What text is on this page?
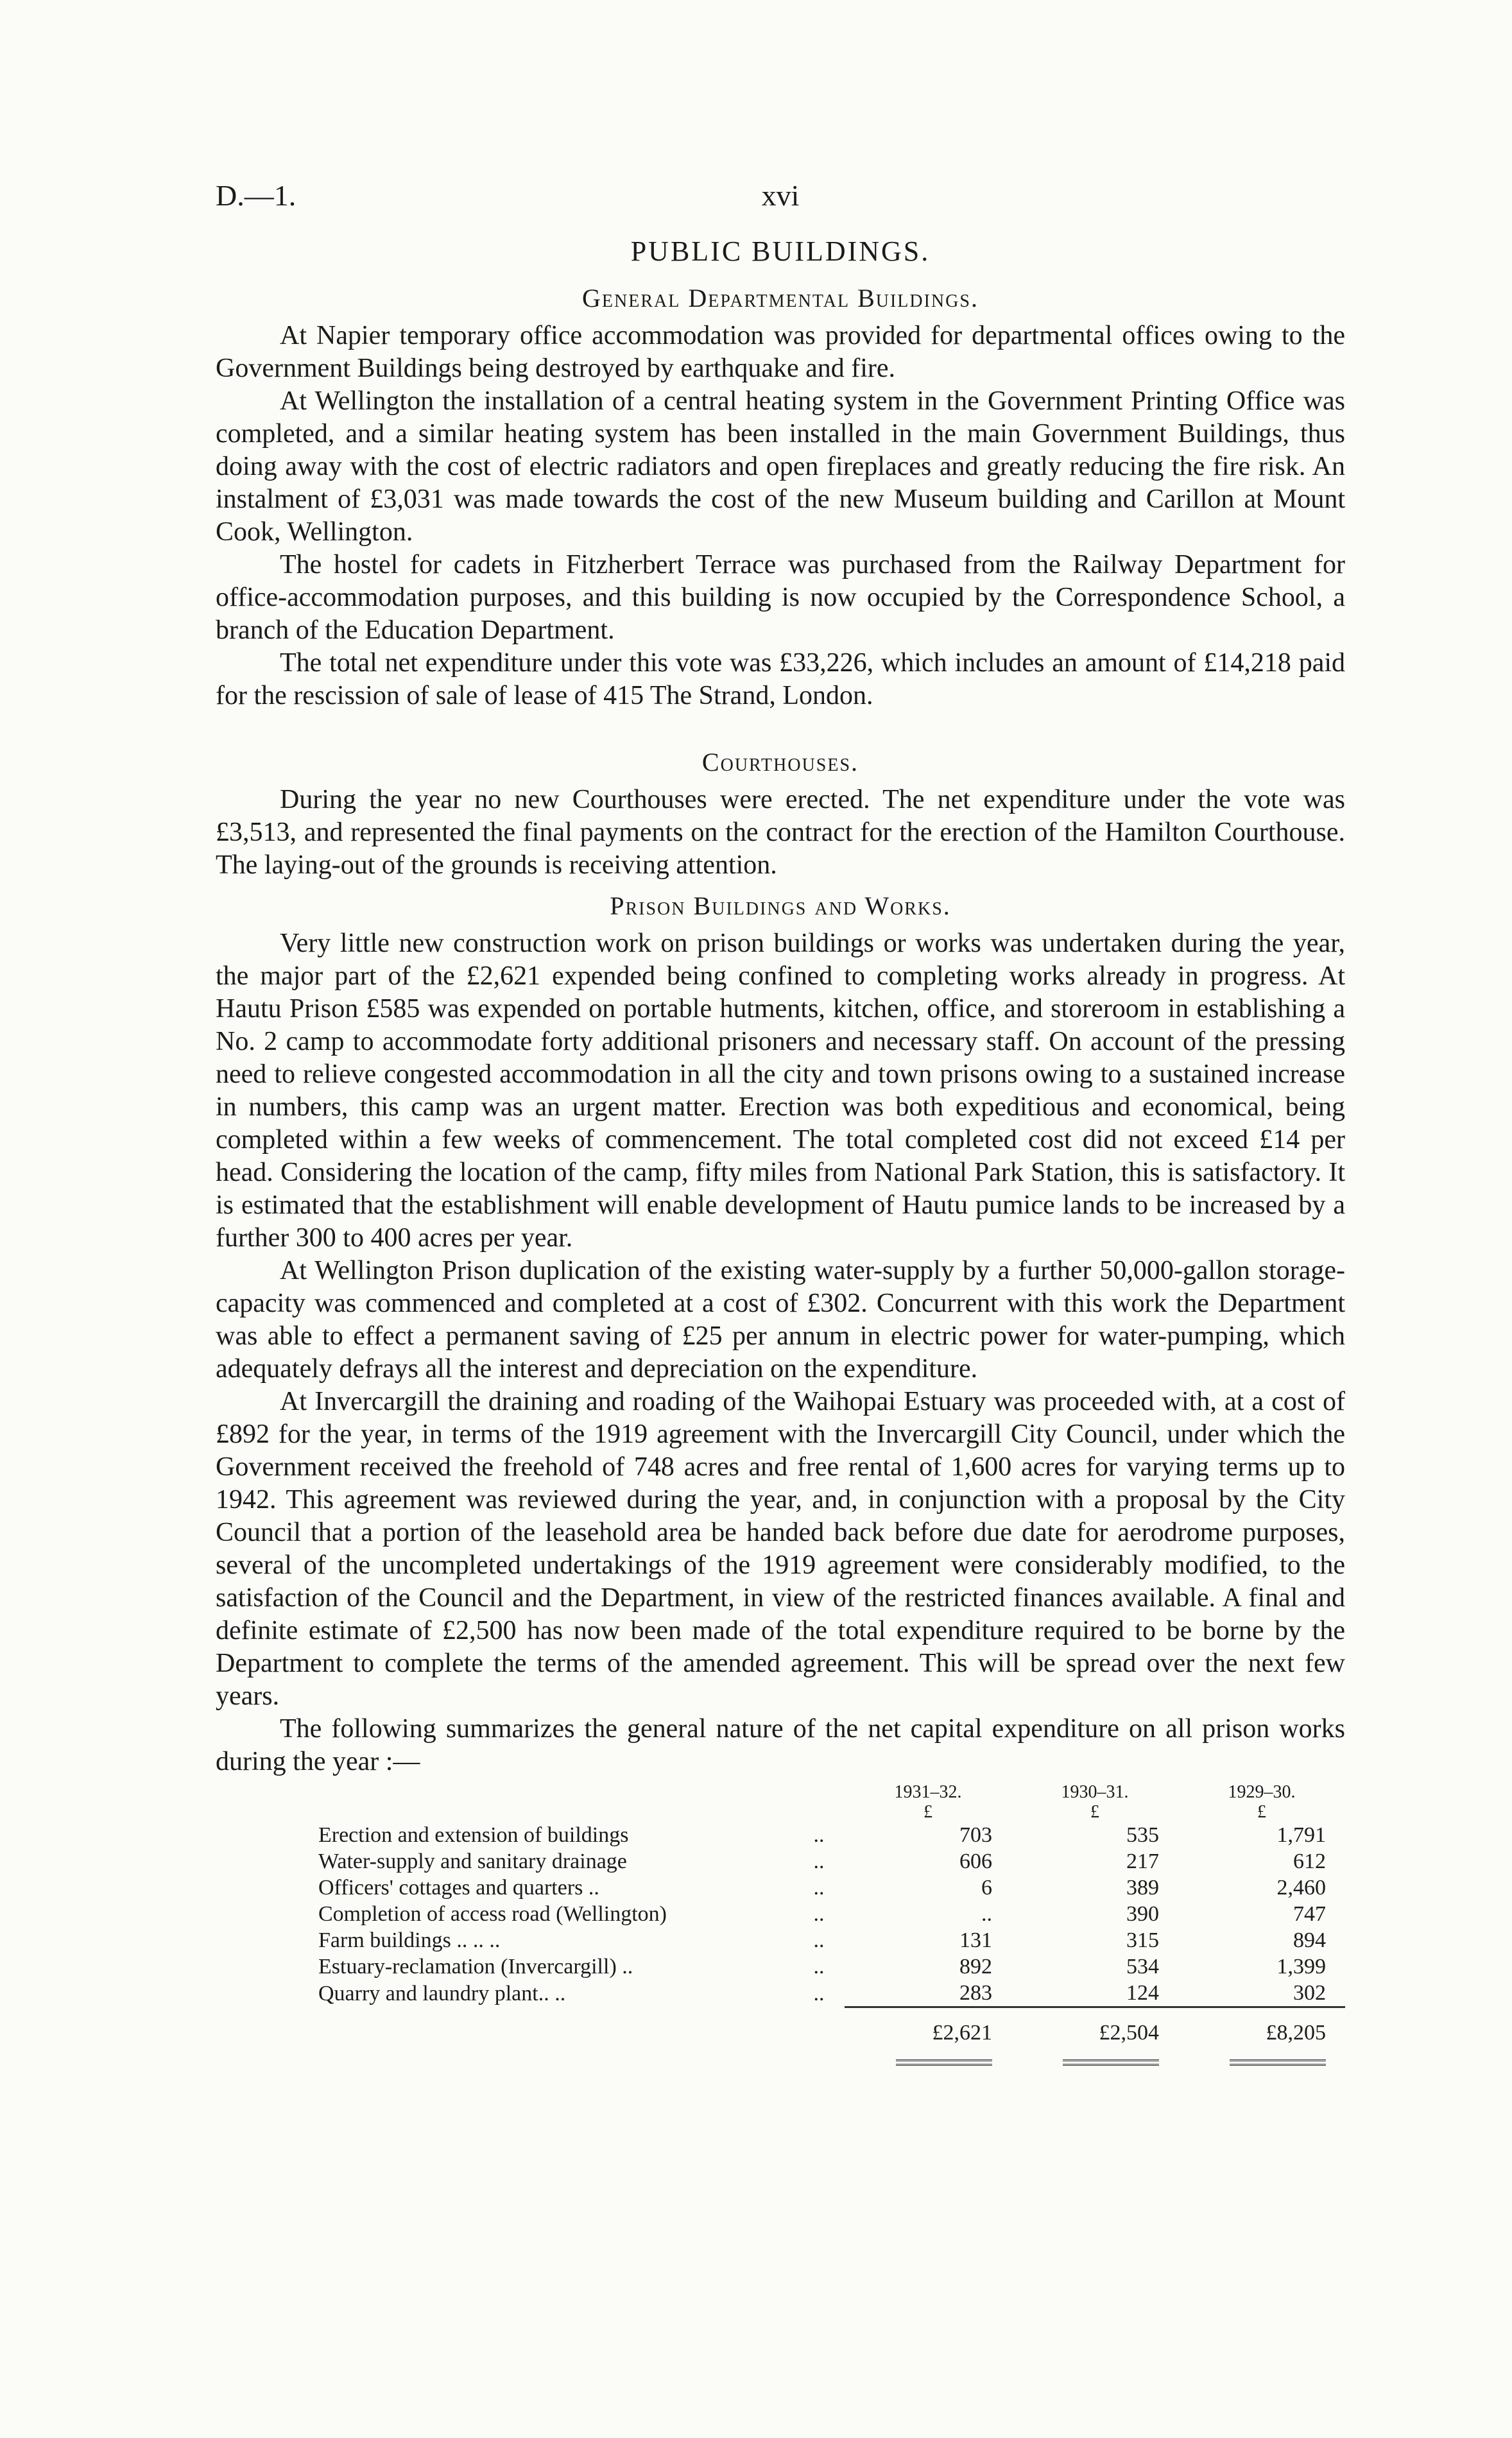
D.—1.	xvi
PUBLIC BUILDINGS.
General Departmental Buildings.

At Napier temporary office accommodation was provided for departmental offices owing to the Government Buildings being destroyed by earthquake and fire.

At Wellington the installation of a central heating system in the Government Printing Office was completed, and a similar heating system has been installed in the main Government Buildings, thus doing away with the cost of electric radiators and open fireplaces and greatly reducing the fire risk. An instalment of £3,031 was made towards the cost of the new Museum building and Carillon at Mount Cook, Wellington.

The hostel for cadets in Fitzherbert Terrace was purchased from the Railway Department for office-accommodation purposes, and this building is now occupied by the Correspondence School, a branch of the Education Department.

The total net expenditure under this vote was £33,226, which includes an amount of £14,218 paid for the rescission of sale of lease of 415 The Strand, London.

Courthouses.

During the year no new Courthouses were erected. The net expenditure under the vote was £3,513, and represented the final payments on the contract for the erection of the Hamilton Courthouse. The laying-out of the grounds is receiving attention.

Prison Buildings and Works.

Very little new construction work on prison buildings or works was undertaken during the year, the major part of the £2,621 expended being confined to completing works already in progress. At Hautu Prison £585 was expended on portable hutments, kitchen, office, and storeroom in establishing a No. 2 camp to accommodate forty additional prisoners and necessary staff. On account of the pressing need to relieve congested accommodation in all the city and town prisons owing to a sustained increase in numbers, this camp was an urgent matter. Erection was both expeditious and economical, being completed within a few weeks of commencement. The total completed cost did not exceed £14 per head. Considering the location of the camp, fifty miles from National Park Station, this is satisfactory. It is estimated that the establishment will enable development of Hautu pumice lands to be increased by a further 300 to 400 acres per year.

At Wellington Prison duplication of the existing water-supply by a further 50,000-gallon storage-capacity was commenced and completed at a cost of £302. Concurrent with this work the Department was able to effect a permanent saving of £25 per annum in electric power for water-pumping, which adequately defrays all the interest and depreciation on the expenditure.

At Invercargill the draining and roading of the Waihopai Estuary was proceeded with, at a cost of £892 for the year, in terms of the 1919 agreement with the Invercargill City Council, under which the Government received the freehold of 748 acres and free rental of 1,600 acres for varying terms up to 1942. This agreement was reviewed during the year, and, in conjunction with a proposal by the City Council that a portion of the leasehold area be handed back before due date for aerodrome purposes, several of the uncompleted undertakings of the 1919 agreement were considerably modified, to the satisfaction of the Council and the Department, in view of the restricted finances available. A final and definite estimate of £2,500 has now been made of the total expenditure required to be borne by the Department to complete the terms of the amended agreement. This will be spread over the next few years.

The following summarizes the general nature of the net capital expenditure on all prison works during the year :—

		1931–32.	1930–31.	1929–30.
		£	£	£
Erection and extension of buildings	..	703	535	1,791
Water-supply and sanitary drainage	..	606	217	612
Officers' cottages and quarters ..	..	6	389	2,460
Completion of access road (Wellington)	..	..	390	747
Farm buildings .. .. ..	..	131	315	894
Estuary-reclamation (Invercargill) ..	..	892	534	1,399
Quarry and laundry plant.. ..	..	283	124	302
		£2,621	£2,504	£8,205
